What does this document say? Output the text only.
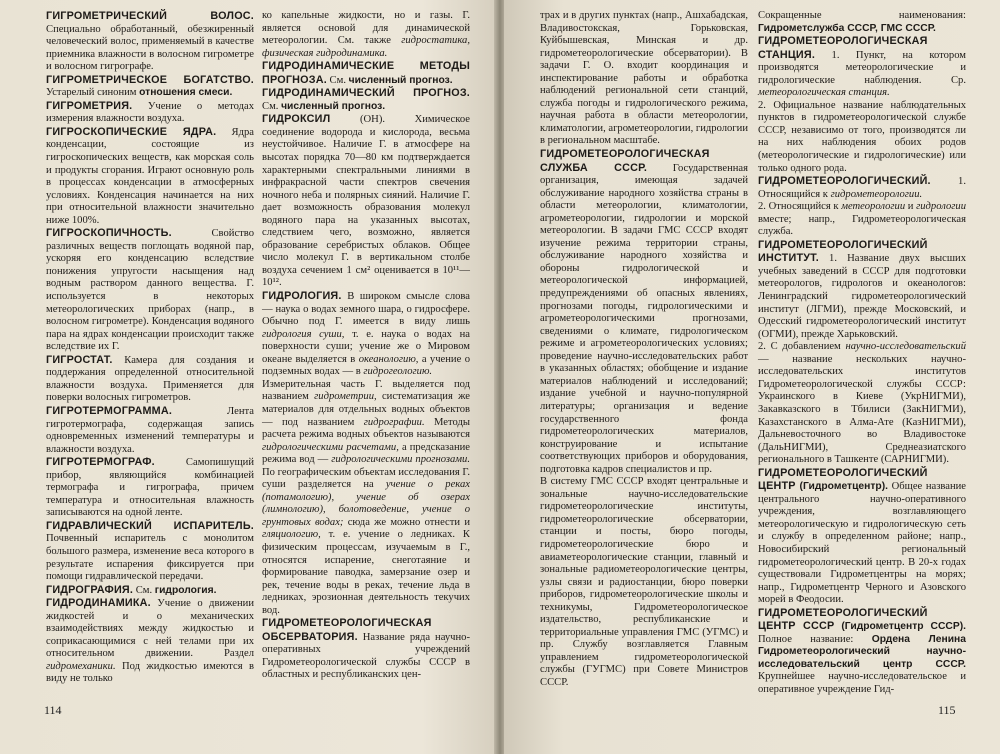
ГИГРОМЕТРИЧЕСКИЙ ВОЛОС. Специально обработанный, обезжиренный человеческий волос, применяемый в качестве приемника влажности в волосном гигрометре и волосном гигрографе.

ГИГРОМЕТРИЧЕСКОЕ БОГАТСТВО. Устарелый синоним отношения смеси.

ГИГРОМЕТРИЯ. Учение о методах измерения влажности воздуха.

ГИГРОСКОПИЧЕСКИЕ ЯДРА. Ядра конденсации, состоящие из гигроскопических веществ, как морская соль и продукты сгорания. Играют основную роль в процессах конденсации в атмосферных условиях. Конденсация начинается на них при относительной влажности значительно ниже 100%.

ГИГРОСКОПИЧНОСТЬ. Свойство различных веществ поглощать водяной пар, ускоряя его конденсацию вследствие понижения упругости насыщения над водным раствором данного вещества. Г. используется в некоторых метеорологических приборах (напр., в волосном гигрометре). Конденсация водяного пара на ядрах конденсации происходит также вследствие их Г.

ГИГРОСТАТ. Камера для создания и поддержания определенной относительной влажности воздуха. Применяется для поверки волосных гигрометров.

ГИГРОТЕРМОГРАММА. Лента гигротермографа, содержащая запись одновременных изменений температуры и влажности воздуха.

ГИГРОТЕРМОГРАФ. Самопишущий прибор, являющийся комбинацией термографа и гигрографа, причем температура и относительная влажность записываются на одной ленте.

ГИДРАВЛИЧЕСКИЙ ИСПАРИТЕЛЬ. Почвенный испаритель с монолитом большого размера, изменение веса которого в результате испарения фиксируется при помощи гидравлической передачи.

ГИДРОГРАФИЯ. См. гидрология.

ГИДРОДИНАМИКА. Учение о движении жидкостей и о механических взаимодействиях между жидкостью и соприкасающимися с ней телами при их относительном движении. Раздел гидромеханики. Под жидкостью имеются в виду не только

ко капельные жидкости, но и газы. Г. является основой для динамической метеорологии. См. также гидростатика, физическая гидродинамика.

ГИДРОДИНАМИЧЕСКИЕ МЕТОДЫ ПРОГНОЗА. См. численный прогноз.

ГИДРОДИНАМИЧЕСКИЙ ПРОГНОЗ. См. численный прогноз.

ГИДРОКСИЛ (ОН). Химическое соединение водорода и кислорода, весьма неустойчивое. Наличие Г. в атмосфере на высотах порядка 70—80 км подтверждается характерными спектральными линиями в инфракрасной части спектров свечения ночного неба и полярных сияний. Наличие Г. дает возможность образования молекул водяного пара на указанных высотах, следствием чего, возможно, является образование серебристых облаков. Общее число молекул Г. в вертикальном столбе воздуха сечением 1 см² оценивается в 10¹¹—10¹².

ГИДРОЛОГИЯ. В широком смысле слова — наука о водах земного шара, о гидросфере. Обычно под Г. имеется в виду лишь гидрология суши, т. е. наука о водах на поверхности суши; учение же о Мировом океане выделяется в океанологию, а учение о подземных водах — в гидрогеологию.

Измерительная часть Г. выделяется под названием гидрометрии, систематизация же материалов для отдельных водных объектов — под названием гидрографии. Методы расчета режима водных объектов называются гидрологическими расчетами, а предсказание режима вод — гидрологическими прогнозами. По географическим объектам исследования Г. суши разделяется на учение о реках (потамологию), учение об озерах (лимнологию), болотоведение, учение о грунтовых водах; сюда же можно отнести и гляциологию, т. е. учение о ледниках. К физическим процессам, изучаемым в Г., относятся испарение, снеготаяние и формирование паводка, замерзание озер и рек, течение воды в реках, течение льда в ледниках, эрозионная деятельность текучих вод.

ГИДРОМЕТЕОРОЛОГИЧЕСКАЯ ОБСЕРВАТОРИЯ. Название ряда научно-оперативных учреждений Гидрометеорологической службы СССР в областных и республиканских цен-

114

трах и в других пунктах (напр., Ашхабадская, Владивостокская, Горьковская, Куйбышевская, Минская и др. гидрометеорологические обсерватории). В задачи Г. О. входит координация и инспектирование работы и обработка наблюдений региональной сети станций, служба погоды и гидрологического режима, научная работа в области метеорологии, климатологии, агрометеорологии, гидрологии в региональном масштабе.

ГИДРОМЕТЕОРОЛОГИЧЕСКАЯ СЛУЖБА СССР. Государственная организация, имеющая задачей обслуживание народного хозяйства страны в области метеорологии, климатологии, агрометеорологии, гидрологии и морской метеорологии. В задачи ГМС СССР входят изучение режима территории страны, обслуживание народного хозяйства и обороны гидрологической и метеорологической информацией, предупреждениями об опасных явлениях, прогнозами погоды, гидрологическими и агрометеорологическими прогнозами, сведениями о климате, гидрологическом режиме и агрометеорологических условиях; проведение научно-исследовательских работ в указанных областях; обобщение и издание материалов наблюдений и исследований; издание учебной и научно-популярной литературы; организация и ведение государственного фонда гидрометеорологических материалов, конструирование и испытание соответствующих приборов и оборудования, подготовка кадров специалистов и пр.

В систему ГМС СССР входят центральные и зональные научно-исследовательские гидрометеорологические институты, гидрометеорологические обсерватории, станции и посты, бюро погоды, гидрометеорологические бюро и авиаметеорологические станции, главный и зональные радиометеорологические центры, узлы связи и радиостанции, бюро поверки приборов, гидрометеорологические школы и техникумы, Гидрометеорологическое издательство, республиканские и территориальные управления ГМС (УГМС) и пр. Службу возглавляется Главным управлением гидрометеорологической службы (ГУГМС) при Совете Министров СССР.

Сокращенные наименования: Гидрометслужба СССР, ГМС СССР.

ГИДРОМЕТЕОРОЛОГИЧЕСКАЯ СТАНЦИЯ. 1. Пункт, на котором производятся метеорологические и гидрологические наблюдения. Ср. метеорологическая станция.

2. Официальное название наблюдательных пунктов в гидрометеорологической службе СССР, независимо от того, производятся ли на них наблюдения обоих родов (метеорологические и гидрологические) или только одного рода.

ГИДРОМЕТЕОРОЛОГИЧЕСКИЙ. 1. Относящийся к гидрометеорологии.

2. Относящийся к метеорологии и гидрологии вместе; напр., Гидрометеорологическая служба.

ГИДРОМЕТЕОРОЛОГИЧЕСКИЙ ИНСТИТУТ. 1. Название двух высших учебных заведений в СССР для подготовки метеорологов, гидрологов и океанологов: Ленинградский гидрометеорологический институт (ЛГМИ), прежде Московский, и Одесский гидрометеорологический институт (ОГМИ), прежде Харьковский.

2. С добавлением научно-исследовательский — название нескольких научно-исследовательских институтов Гидрометеорологической службы СССР: Украинского в Киеве (УкрНИГМИ), Закавказского в Тбилиси (ЗакНИГМИ), Казахстанского в Алма-Ате (КазНИГМИ), Дальневосточного во Владивостоке (ДальНИГМИ), Среднеазиатского регионального в Ташкенте (САРНИГМИ).

ГИДРОМЕТЕОРОЛОГИЧЕСКИЙ ЦЕНТР (Гидрометцентр). Общее название центрального научно-оперативного учреждения, возглавляющего метеорологическую и гидрологическую сеть и службу в определенном районе; напр., Новосибирский региональный гидрометеорологический центр. В 20-х годах существовали Гидрометцентры на морях; напр., Гидрометцентр Черного и Азовского морей в Феодосии.

ГИДРОМЕТЕОРОЛОГИЧЕСКИЙ ЦЕНТР СССР (Гидрометцентр СССР). Полное название: Ордена Ленина Гидрометеорологический научно-исследовательский центр СССР. Крупнейшее научно-исследовательское и оперативное учреждение Гид-

115
